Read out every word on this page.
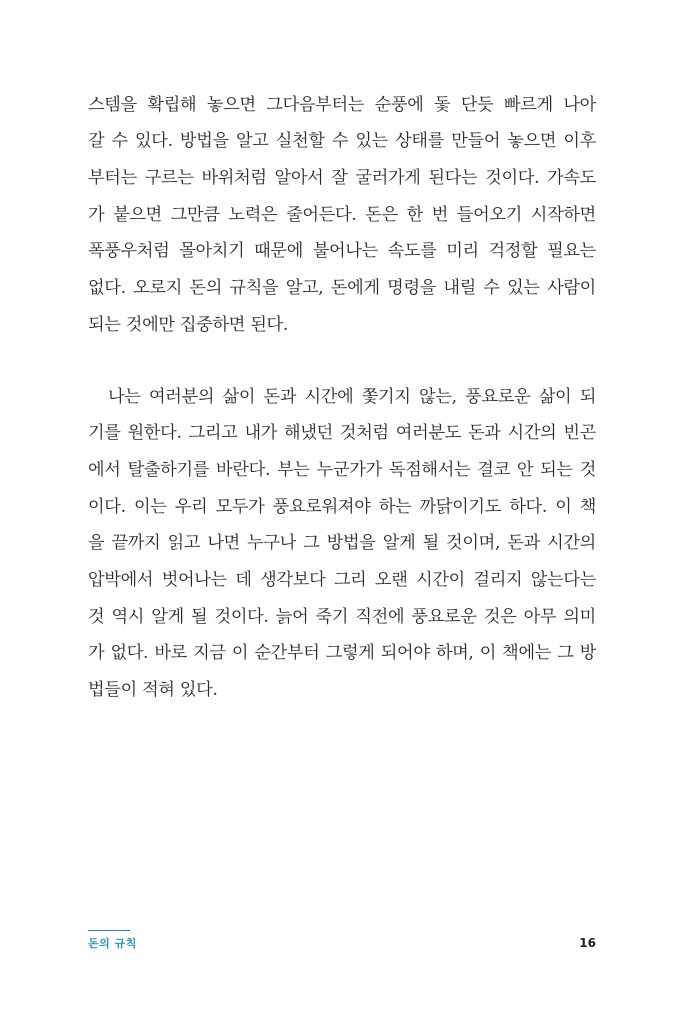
스템을 확립해 놓으면 그다음부터는 순풍에 돛 단듯 빠르게 나아
갈 수 있다. 방법을 알고 실천할 수 있는 상태를 만들어 놓으면 이후
부터는 구르는 바위처럼 알아서 잘 굴러가게 된다는 것이다. 가속도
가 붙으면 그만큼 노력은 줄어든다. 돈은 한 번 들어오기 시작하면
폭풍우처럼 몰아치기 때문에 불어나는 속도를 미리 걱정할 필요는
없다. 오로지 돈의 규칙을 알고, 돈에게 명령을 내릴 수 있는 사람이
되는 것에만 집중하면 된다.
나는 여러분의 삶이 돈과 시간에 쫓기지 않는, 풍요로운 삶이 되
기를 원한다. 그리고 내가 해냈던 것처럼 여러분도 돈과 시간의 빈곤
에서 탈출하기를 바란다. 부는 누군가가 독점해서는 결코 안 되는 것
이다. 이는 우리 모두가 풍요로워져야 하는 까닭이기도 하다. 이 책
을 끝까지 읽고 나면 누구나 그 방법을 알게 될 것이며, 돈과 시간의
압박에서 벗어나는 데 생각보다 그리 오랜 시간이 걸리지 않는다는
것 역시 알게 될 것이다. 늙어 죽기 직전에 풍요로운 것은 아무 의미
가 없다. 바로 지금 이 순간부터 그렇게 되어야 하며, 이 책에는 그 방
법들이 적혀 있다.
돈의 규칙	16
